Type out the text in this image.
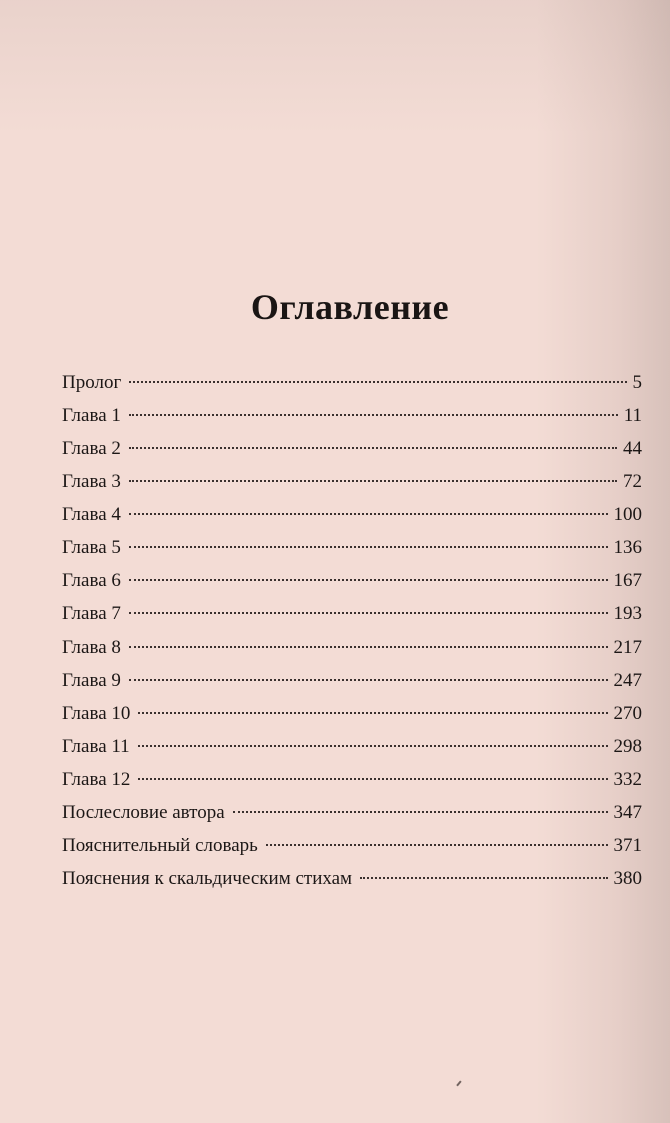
Оглавление
Пролог	5
Глава 1	11
Глава 2	44
Глава 3	72
Глава 4	100
Глава 5	136
Глава 6	167
Глава 7	193
Глава 8	217
Глава 9	247
Глава 10	270
Глава 11	298
Глава 12	332
Послесловие автора	347
Пояснительный словарь	371
Пояснения к скальдическим стихам	380
